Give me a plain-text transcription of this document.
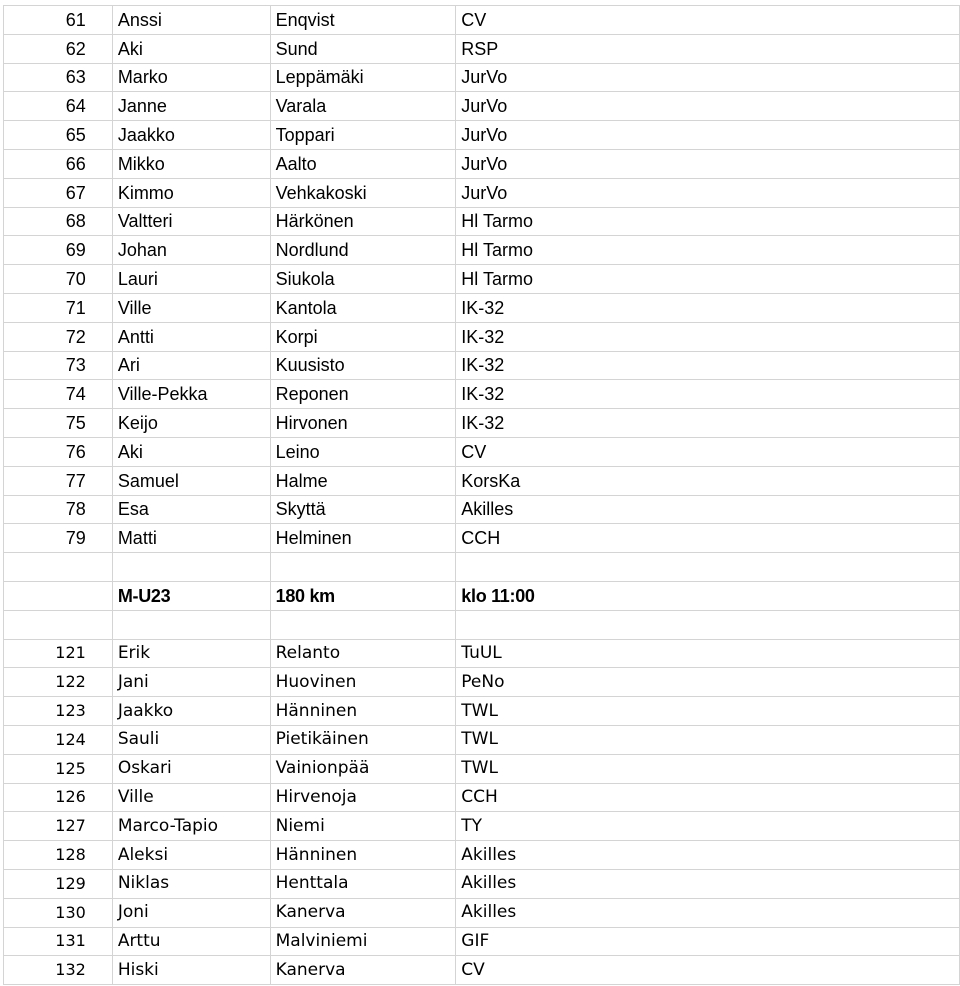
61	Anssi	Enqvist	CV
62	Aki	Sund	RSP
63	Marko	Leppämäki	JurVo
64	Janne	Varala	JurVo
65	Jaakko	Toppari	JurVo
66	Mikko	Aalto	JurVo
67	Kimmo	Vehkakoski	JurVo
68	Valtteri	Härkönen	Hl Tarmo
69	Johan	Nordlund	Hl Tarmo
70	Lauri	Siukola	Hl Tarmo
71	Ville	Kantola	IK-32
72	Antti	Korpi	IK-32
73	Ari	Kuusisto	IK-32
74	Ville-Pekka	Reponen	IK-32
75	Keijo	Hirvonen	IK-32
76	Aki	Leino	CV
77	Samuel	Halme	KorsKa
78	Esa	Skyttä	Akilles
79	Matti	Helminen	CCH

	M-U23	180 km	klo 11:00

121	Erik	Relanto	TuUL
122	Jani	Huovinen	PeNo
123	Jaakko	Hänninen	TWL
124	Sauli	Pietikäinen	TWL
125	Oskari	Vainionpää	TWL
126	Ville	Hirvenoja	CCH
127	Marco-Tapio	Niemi	TY
128	Aleksi	Hänninen	Akilles
129	Niklas	Henttala	Akilles
130	Joni	Kanerva	Akilles
131	Arttu	Malviniemi	GIF
132	Hiski	Kanerva	CV
